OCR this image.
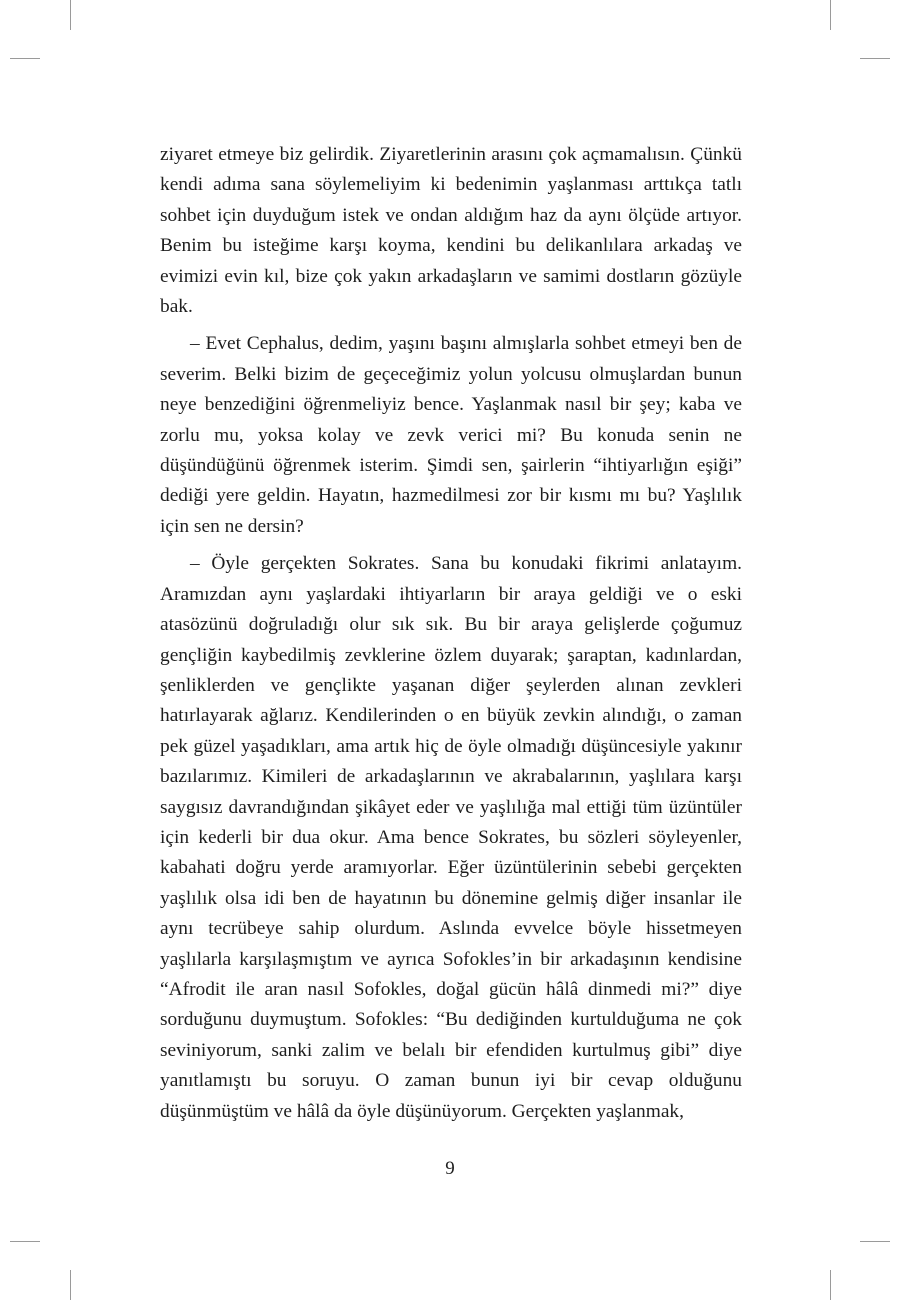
ziyaret etmeye biz gelirdik. Ziyaretlerinin arasını çok açmamalısın. Çünkü kendi adıma sana söylemeliyim ki bedenimin yaşlanması arttıkça tatlı sohbet için duyduğum istek ve ondan aldığım haz da aynı ölçüde artıyor. Benim bu isteğime karşı koyma, kendini bu delikanlılara arkadaş ve evimizi evin kıl, bize çok yakın arkadaşların ve samimi dostların gözüyle bak.

– Evet Cephalus, dedim, yaşını başını almışlarla sohbet etmeyi ben de severim. Belki bizim de geçeceğimiz yolun yolcusu olmuşlardan bunun neye benzediğini öğrenmeliyiz bence. Yaşlanmak nasıl bir şey; kaba ve zorlu mu, yoksa kolay ve zevk verici mi? Bu konuda senin ne düşündüğünü öğrenmek isterim. Şimdi sen, şairlerin “ihtiyarlığın eşiği” dediği yere geldin. Hayatın, hazmedilmesi zor bir kısmı mı bu? Yaşlılık için sen ne dersin?

– Öyle gerçekten Sokrates. Sana bu konudaki fikrimi anlatayım. Aramızdan aynı yaşlardaki ihtiyarların bir araya geldiği ve o eski atasözünü doğruladığı olur sık sık. Bu bir araya gelişlerde çoğumuz gençliğin kaybedilmiş zevklerine özlem duyarak; şaraptan, kadınlardan, şenliklerden ve gençlikte yaşanan diğer şeylerden alınan zevkleri hatırlayarak ağlarız. Kendilerinden o en büyük zevkin alındığı, o zaman pek güzel yaşadıkları, ama artık hiç de öyle olmadığı düşüncesiyle yakınır bazılarımız. Kimileri de arkadaşlarının ve akrabalarının, yaşlılara karşı saygısız davrandığından şikâyet eder ve yaşlılığa mal ettiği tüm üzüntüler için kederli bir dua okur. Ama bence Sokrates, bu sözleri söyleyenler, kabahati doğru yerde aramıyorlar. Eğer üzüntülerinin sebebi gerçekten yaşlılık olsa idi ben de hayatının bu dönemine gelmiş diğer insanlar ile aynı tecrübeye sahip olurdum. Aslında evvelce böyle hissetmeyen yaşlılarla karşılaşmıştım ve ayrıca Sofokles’in bir arkadaşının kendisine “Afrodit ile aran nasıl Sofokles, doğal gücün hâlâ dinmedi mi?” diye sorduğunu duymuştum. Sofokles: “Bu dediğinden kurtulduğuma ne çok seviniyorum, sanki zalim ve belalı bir efendiden kurtulmuş gibi” diye yanıtlamıştı bu soruyu. O zaman bunun iyi bir cevap olduğunu düşünmüştüm ve hâlâ da öyle düşünüyorum. Gerçekten yaşlanmak,

9
